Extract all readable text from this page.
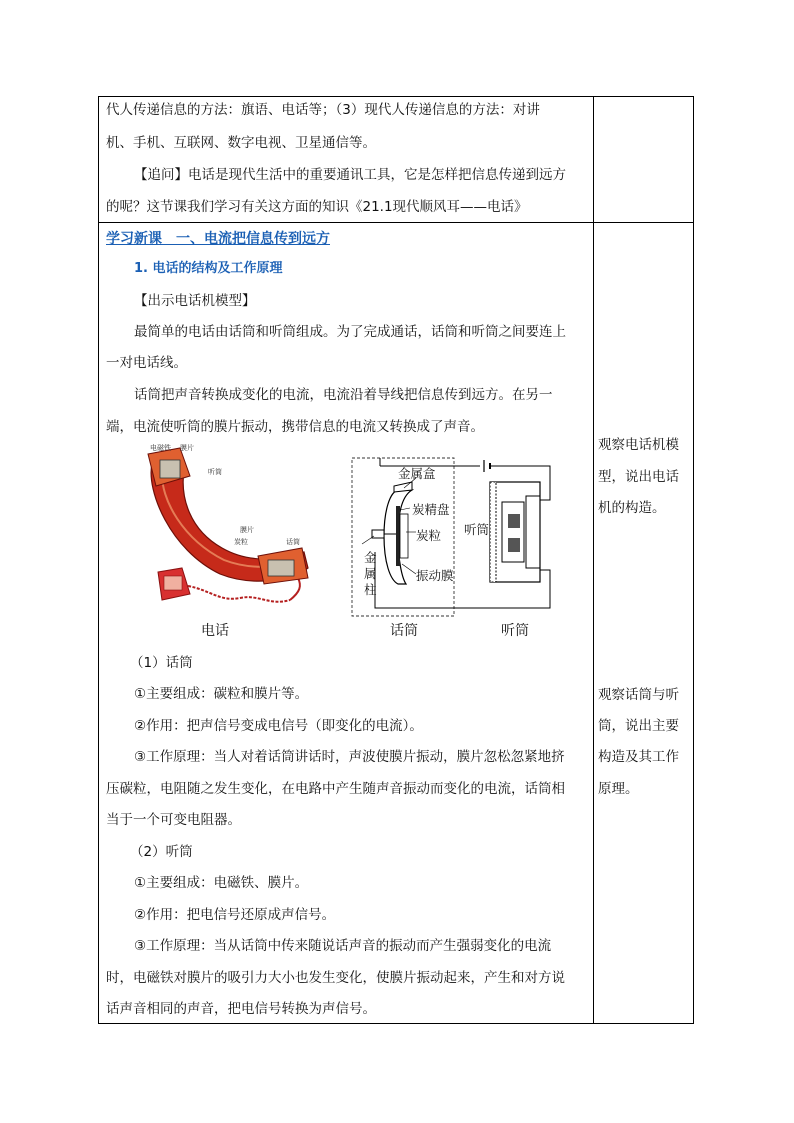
代人传递信息的方法：旗语、电话等；（3）现代人传递信息的方法：对讲
机、手机、互联网、数字电视、卫星通信等。
【追问】电话是现代生活中的重要通讯工具，它是怎样把信息传递到远方
的呢？这节课我们学习有关这方面的知识《21.1现代顺风耳——电话》
学习新课　一、电流把信息传到远方
1. 电话的结构及工作原理
【出示电话机模型】
最简单的电话由话筒和听筒组成。为了完成通话，话筒和听筒之间要连上
一对电话线。
话筒把声音转换成变化的电流，电流沿着导线把信息传到远方。在另一
端，电流使听筒的膜片振动，携带信息的电流又转换成了声音。
电磁铁 膜片
听筒
膜片
炭粒	话筒
金属盒
炭精盘
炭粒
振动膜
金
属
柱
听筒
电话	话筒	听筒
（1）话筒
①主要组成：碳粒和膜片等。
②作用：把声信号变成电信号（即变化的电流）。
③工作原理：当人对着话筒讲话时，声波使膜片振动，膜片忽松忽紧地挤
压碳粒，电阻随之发生变化，在电路中产生随声音振动而变化的电流，话筒相
当于一个可变电阻器。
（2）听筒
①主要组成：电磁铁、膜片。
②作用：把电信号还原成声信号。
③工作原理：当从话筒中传来随说话声音的振动而产生强弱变化的电流
时，电磁铁对膜片的吸引力大小也发生变化，使膜片振动起来，产生和对方说
话声音相同的声音，把电信号转换为声信号。
观察电话机模
型，说出电话
机的构造。
观察话筒与听
筒，说出主要
构造及其工作
原理。
